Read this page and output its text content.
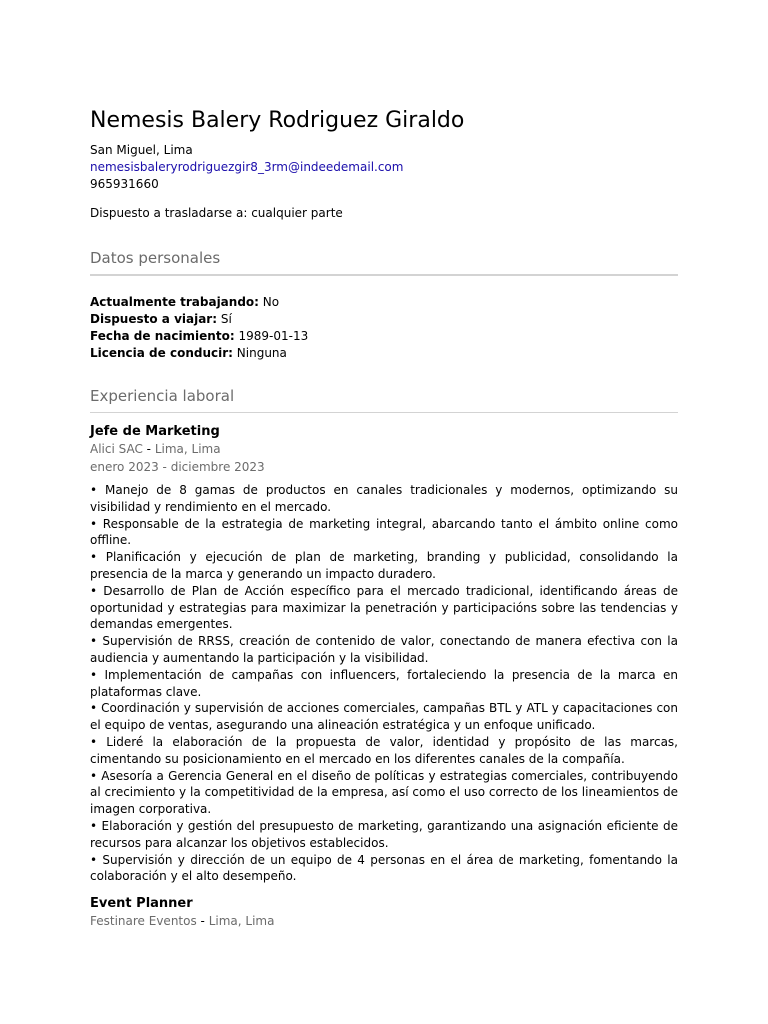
Nemesis Balery Rodriguez Giraldo
San Miguel, Lima
nemesisbaleryrodriguezgir8_3rm@indeedemail.com
965931660
Dispuesto a trasladarse a: cualquier parte
Datos personales
Actualmente trabajando: No
Dispuesto a viajar: Sí
Fecha de nacimiento: 1989-01-13
Licencia de conducir: Ninguna
Experiencia laboral
Jefe de Marketing
Alici SAC - Lima, Lima
enero 2023 - diciembre 2023
• Manejo de 8 gamas de productos en canales tradicionales y modernos, optimizando su visibilidad y rendimiento en el mercado.
• Responsable de la estrategia de marketing integral, abarcando tanto el ámbito online como offline.
• Planificación y ejecución de plan de marketing, branding y publicidad, consolidando la presencia de la marca y generando un impacto duradero.
• Desarrollo de Plan de Acción específico para el mercado tradicional, identificando áreas de oportunidad y estrategias para maximizar la penetración y participacións sobre las tendencias y demandas emergentes.
• Supervisión de RRSS, creación de contenido de valor, conectando de manera efectiva con la audiencia y aumentando la participación y la visibilidad.
• Implementación de campañas con influencers, fortaleciendo la presencia de la marca en plataformas clave.
• Coordinación y supervisión de acciones comerciales, campañas BTL y ATL y capacitaciones con el equipo de ventas, asegurando una alineación estratégica y un enfoque unificado.
• Lideré la elaboración de la propuesta de valor, identidad y propósito de las marcas, cimentando su posicionamiento en el mercado en los diferentes canales de la compañía.
• Asesoría a Gerencia General en el diseño de políticas y estrategias comerciales, contribuyendo al crecimiento y la competitividad de la empresa, así como el uso correcto de los lineamientos de imagen corporativa.
• Elaboración y gestión del presupuesto de marketing, garantizando una asignación eficiente de recursos para alcanzar los objetivos establecidos.
• Supervisión y dirección de un equipo de 4 personas en el área de marketing, fomentando la colaboración y el alto desempeño.
Event Planner
Festinare Eventos - Lima, Lima
